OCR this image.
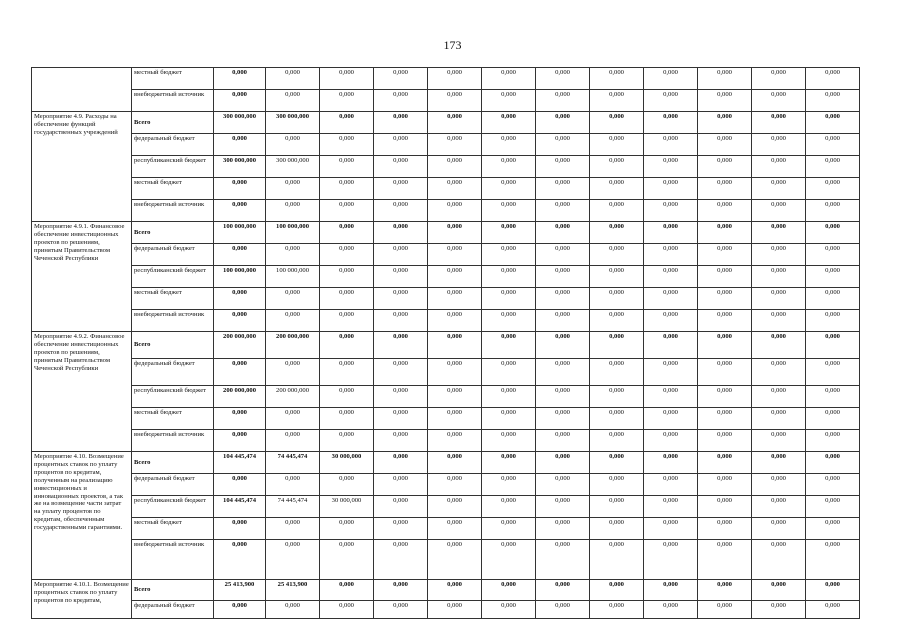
173
	местный бюджет	0,000	0,000	0,000	0,000	0,000	0,000	0,000	0,000	0,000	0,000	0,000	0,000
	внебюджетный источник	0,000	0,000	0,000	0,000	0,000	0,000	0,000	0,000	0,000	0,000	0,000	0,000
Мероприятие 4.9. Расходы на обеспечение функций государственных учреждений	Всего	300 000,000	300 000,000	0,000	0,000	0,000	0,000	0,000	0,000	0,000	0,000	0,000	0,000
	федеральный бюджет	0,000	0,000	0,000	0,000	0,000	0,000	0,000	0,000	0,000	0,000	0,000	0,000
	республиканский бюджет	300 000,000	300 000,000	0,000	0,000	0,000	0,000	0,000	0,000	0,000	0,000	0,000	0,000
	местный бюджет	0,000	0,000	0,000	0,000	0,000	0,000	0,000	0,000	0,000	0,000	0,000	0,000
	внебюджетный источник	0,000	0,000	0,000	0,000	0,000	0,000	0,000	0,000	0,000	0,000	0,000	0,000
Мероприятие 4.9.1. Финансовое обеспечение инвестиционных проектов по решениям, принятым Правительством Чеченской Республики	Всего	100 000,000	100 000,000	0,000	0,000	0,000	0,000	0,000	0,000	0,000	0,000	0,000	0,000
	федеральный бюджет	0,000	0,000	0,000	0,000	0,000	0,000	0,000	0,000	0,000	0,000	0,000	0,000
	республиканский бюджет	100 000,000	100 000,000	0,000	0,000	0,000	0,000	0,000	0,000	0,000	0,000	0,000	0,000
	местный бюджет	0,000	0,000	0,000	0,000	0,000	0,000	0,000	0,000	0,000	0,000	0,000	0,000
	внебюджетный источник	0,000	0,000	0,000	0,000	0,000	0,000	0,000	0,000	0,000	0,000	0,000	0,000
Мероприятие 4.9.2. Финансовое обеспечение инвестиционных проектов по решениям, принятым Правительством Чеченской Республики	Всего	200 000,000	200 000,000	0,000	0,000	0,000	0,000	0,000	0,000	0,000	0,000	0,000	0,000
	федеральный бюджет	0,000	0,000	0,000	0,000	0,000	0,000	0,000	0,000	0,000	0,000	0,000	0,000
	республиканский бюджет	200 000,000	200 000,000	0,000	0,000	0,000	0,000	0,000	0,000	0,000	0,000	0,000	0,000
	местный бюджет	0,000	0,000	0,000	0,000	0,000	0,000	0,000	0,000	0,000	0,000	0,000	0,000
	внебюджетный источник	0,000	0,000	0,000	0,000	0,000	0,000	0,000	0,000	0,000	0,000	0,000	0,000
Мероприятие 4.10. Возмещение процентных ставок по уплату процентов по кредитам, полученным на реализацию инвестиционных и инновационных проектов, а так же на возмещение части затрат на уплату процентов по кредитам, обеспеченным государственными гарантиями.	Всего	104 445,474	74 445,474	30 000,000	0,000	0,000	0,000	0,000	0,000	0,000	0,000	0,000	0,000
	федеральный бюджет	0,000	0,000	0,000	0,000	0,000	0,000	0,000	0,000	0,000	0,000	0,000	0,000
	республиканский бюджет	104 445,474	74 445,474	30 000,000	0,000	0,000	0,000	0,000	0,000	0,000	0,000	0,000	0,000
	местный бюджет	0,000	0,000	0,000	0,000	0,000	0,000	0,000	0,000	0,000	0,000	0,000	0,000
	внебюджетный источник	0,000	0,000	0,000	0,000	0,000	0,000	0,000	0,000	0,000	0,000	0,000	0,000
Мероприятие 4.10.1. Возмещение процентных ставок по уплату процентов по кредитам,	Всего	25 413,900	25 413,900	0,000	0,000	0,000	0,000	0,000	0,000	0,000	0,000	0,000	0,000
	федеральный бюджет	0,000	0,000	0,000	0,000	0,000	0,000	0,000	0,000	0,000	0,000	0,000	0,000
